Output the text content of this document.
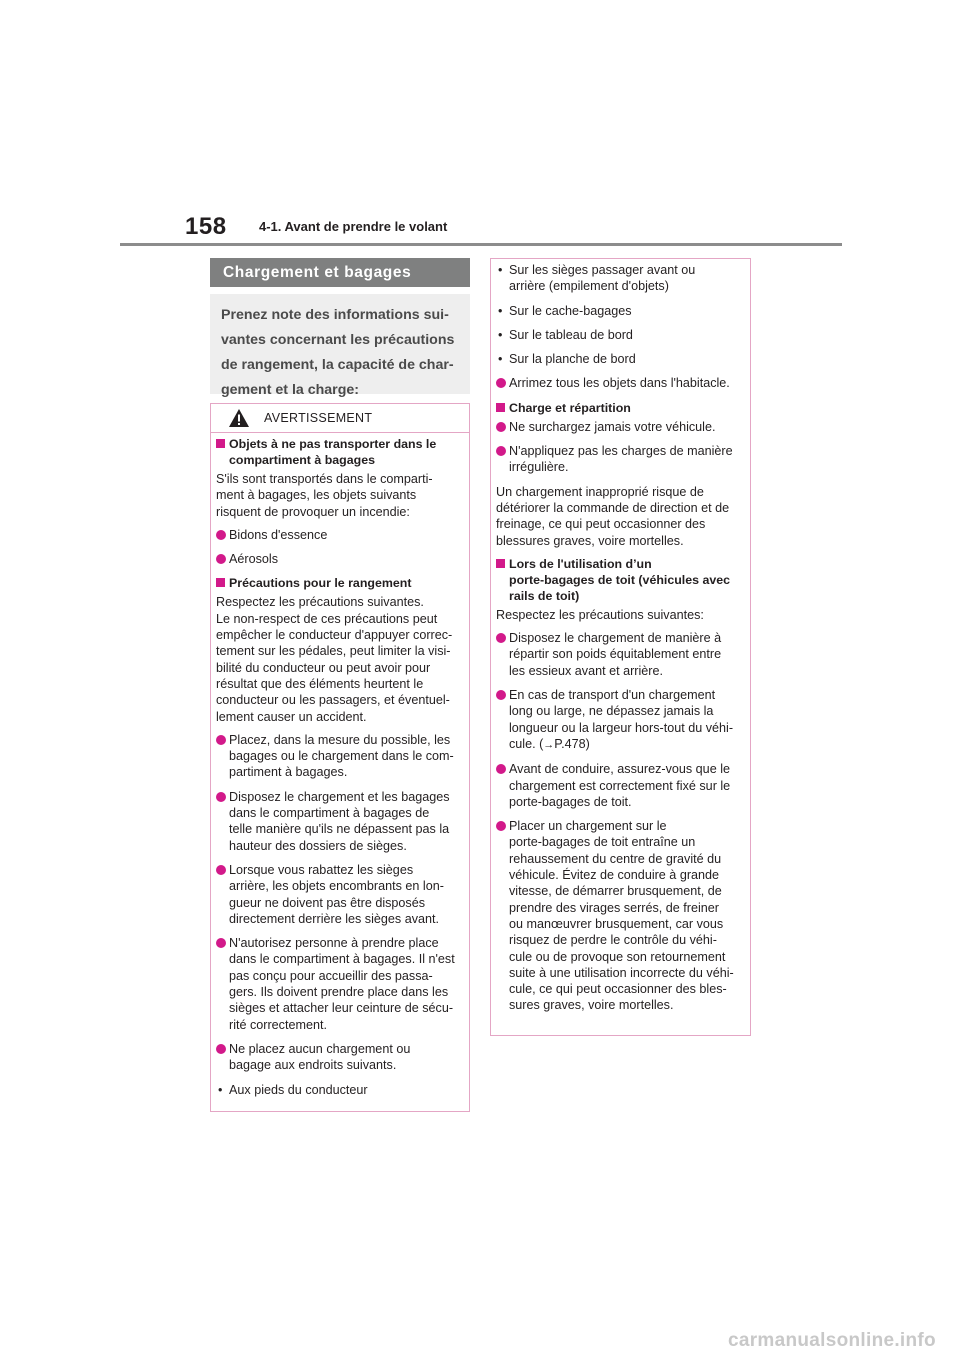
158 4-1. Avant de prendre le volant
Chargement et bagages
Prenez note des informations sui-
vantes concernant les précautions
de rangement, la capacité de char-
gement et la charge:
AVERTISSEMENT
Objets à ne pas transporter dans le
compartiment à bagages
S'ils sont transportés dans le comparti-
ment à bagages, les objets suivants
risquent de provoquer un incendie:
Bidons d'essence
Aérosols
Précautions pour le rangement
Respectez les précautions suivantes.
Le non-respect de ces précautions peut
empêcher le conducteur d'appuyer correc-
tement sur les pédales, peut limiter la visi-
bilité du conducteur ou peut avoir pour
résultat que des éléments heurtent le
conducteur ou les passagers, et éventuel-
lement causer un accident.
Placez, dans la mesure du possible, les
bagages ou le chargement dans le com-
partiment à bagages.
Disposez le chargement et les bagages
dans le compartiment à bagages de
telle manière qu'ils ne dépassent pas la
hauteur des dossiers de sièges.
Lorsque vous rabattez les sièges
arrière, les objets encombrants en lon-
gueur ne doivent pas être disposés
directement derrière les sièges avant.
N'autorisez personne à prendre place
dans le compartiment à bagages. Il n'est
pas conçu pour accueillir des passa-
gers. Ils doivent prendre place dans les
sièges et attacher leur ceinture de sécu-
rité correctement.
Ne placez aucun chargement ou
bagage aux endroits suivants.
• Aux pieds du conducteur
• Sur les sièges passager avant ou
arrière (empilement d'objets)
• Sur le cache-bagages
• Sur le tableau de bord
• Sur la planche de bord
Arrimez tous les objets dans l'habitacle.
Charge et répartition
Ne surchargez jamais votre véhicule.
N'appliquez pas les charges de manière
irrégulière.
Un chargement inapproprié risque de
détériorer la commande de direction et de
freinage, ce qui peut occasionner des
blessures graves, voire mortelles.
Lors de l'utilisation d’un
porte-bagages de toit (véhicules avec
rails de toit)
Respectez les précautions suivantes:
Disposez le chargement de manière à
répartir son poids équitablement entre
les essieux avant et arrière.
En cas de transport d'un chargement
long ou large, ne dépassez jamais la
longueur ou la largeur hors-tout du véhi-
cule. (→P.478)
Avant de conduire, assurez-vous que le
chargement est correctement fixé sur le
porte-bagages de toit.
Placer un chargement sur le
porte-bagages de toit entraîne un
rehaussement du centre de gravité du
véhicule. Évitez de conduire à grande
vitesse, de démarrer brusquement, de
prendre des virages serrés, de freiner
ou manœuvrer brusquement, car vous
risquez de perdre le contrôle du véhi-
cule ou de provoque son retournement
suite à une utilisation incorrecte du véhi-
cule, ce qui peut occasionner des bles-
sures graves, voire mortelles.
carmanualsonline.info
